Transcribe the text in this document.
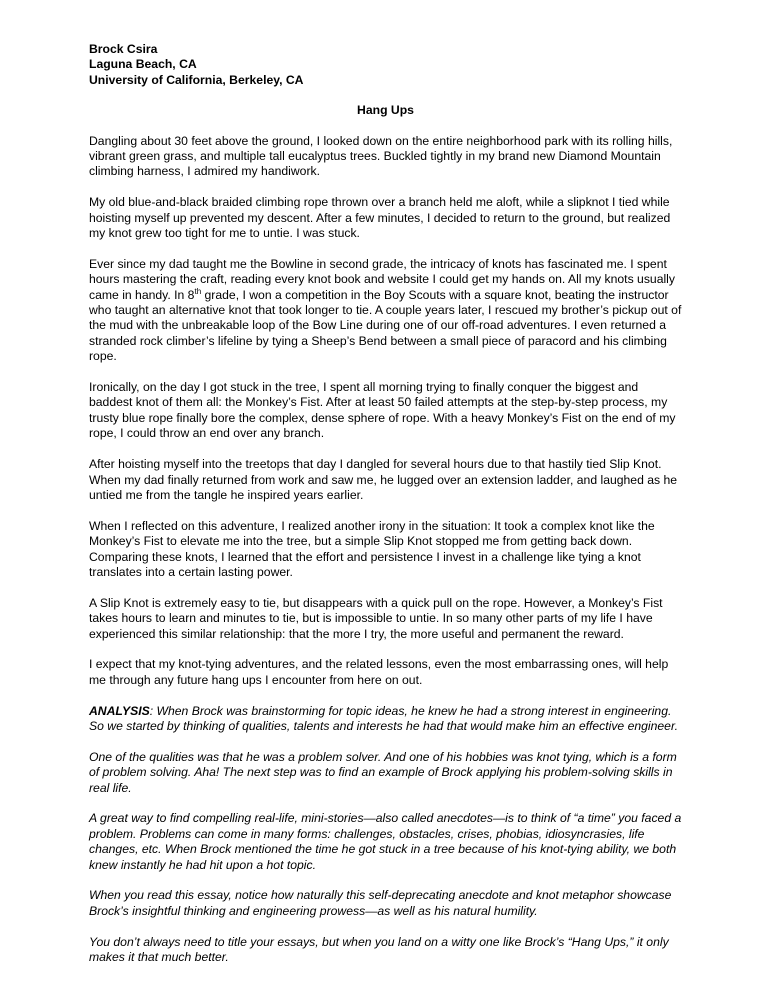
Brock Csira
Laguna Beach, CA
University of California, Berkeley, CA
Hang Ups

Dangling about 30 feet above the ground, I looked down on the entire neighborhood park with its rolling hills, vibrant green grass, and multiple tall eucalyptus trees. Buckled tightly in my brand new Diamond Mountain climbing harness, I admired my handiwork.

My old blue-and-black braided climbing rope thrown over a branch held me aloft, while a slipknot I tied while hoisting myself up prevented my descent. After a few minutes, I decided to return to the ground, but realized my knot grew too tight for me to untie. I was stuck.

Ever since my dad taught me the Bowline in second grade, the intricacy of knots has fascinated me. I spent hours mastering the craft, reading every knot book and website I could get my hands on. All my knots usually came in handy. In 8th grade, I won a competition in the Boy Scouts with a square knot, beating the instructor who taught an alternative knot that took longer to tie. A couple years later, I rescued my brother’s pickup out of the mud with the unbreakable loop of the Bow Line during one of our off-road adventures. I even returned a stranded rock climber’s lifeline by tying a Sheep’s Bend between a small piece of paracord and his climbing rope.

Ironically, on the day I got stuck in the tree, I spent all morning trying to finally conquer the biggest and baddest knot of them all: the Monkey’s Fist. After at least 50 failed attempts at the step-by-step process, my trusty blue rope finally bore the complex, dense sphere of rope. With a heavy Monkey’s Fist on the end of my rope, I could throw an end over any branch.

After hoisting myself into the treetops that day I dangled for several hours due to that hastily tied Slip Knot. When my dad finally returned from work and saw me, he lugged over an extension ladder, and laughed as he untied me from the tangle he inspired years earlier.

When I reflected on this adventure, I realized another irony in the situation: It took a complex knot like the Monkey’s Fist to elevate me into the tree, but a simple Slip Knot stopped me from getting back down. Comparing these knots, I learned that the effort and persistence I invest in a challenge like tying a knot translates into a certain lasting power.

A Slip Knot is extremely easy to tie, but disappears with a quick pull on the rope. However, a Monkey’s Fist takes hours to learn and minutes to tie, but is impossible to untie. In so many other parts of my life I have experienced this similar relationship: that the more I try, the more useful and permanent the reward.

I expect that my knot-tying adventures, and the related lessons, even the most embarrassing ones, will help me through any future hang ups I encounter from here on out.

ANALYSIS: When Brock was brainstorming for topic ideas, he knew he had a strong interest in engineering. So we started by thinking of qualities, talents and interests he had that would make him an effective engineer.

One of the qualities was that he was a problem solver. And one of his hobbies was knot tying, which is a form of problem solving. Aha! The next step was to find an example of Brock applying his problem-solving skills in real life.

A great way to find compelling real-life, mini-stories—also called anecdotes—is to think of “a time” you faced a problem. Problems can come in many forms: challenges, obstacles, crises, phobias, idiosyncrasies, life changes, etc. When Brock mentioned the time he got stuck in a tree because of his knot-tying ability, we both knew instantly he had hit upon a hot topic.

When you read this essay, notice how naturally this self-deprecating anecdote and knot metaphor showcase Brock’s insightful thinking and engineering prowess—as well as his natural humility.

You don’t always need to title your essays, but when you land on a witty one like Brock’s “Hang Ups,” it only makes it that much better.
